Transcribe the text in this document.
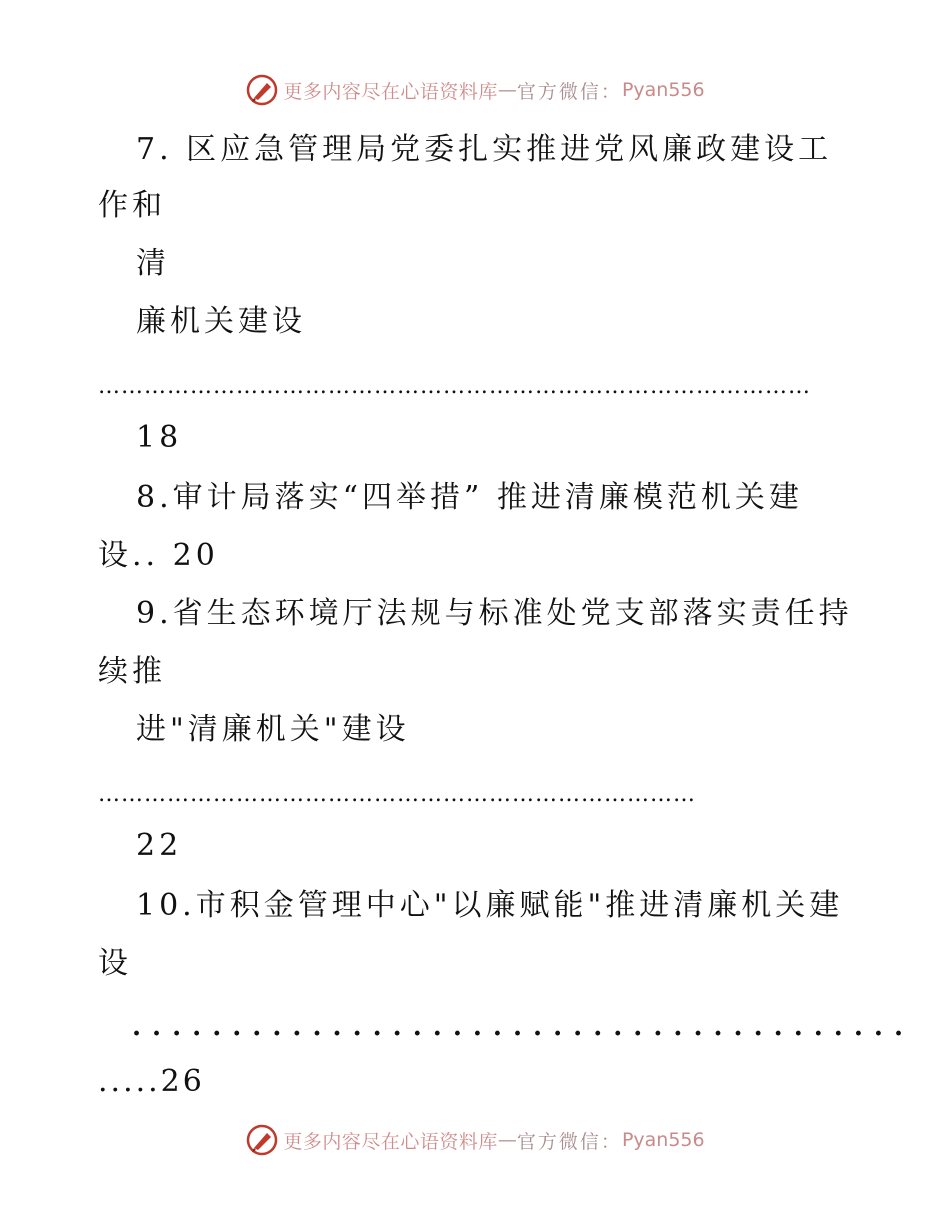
更多内容尽在心语资料库 — 官方微信： Pyan556
7. 区应急管理局党委扎实推进党风廉政建设工
作和
清
廉机关建设
…………………………………………………………………………………
18
8.审计局落实“四举措” 推进清廉模范机关建
设.. 20
9.省生态环境厅法规与标准处党支部落实责任持
续推
进"清廉机关"建设
……………………………………………………………………
22
10.市积金管理中心"以廉赋能"推进清廉机关建
设
.......................................
.....26
更多内容尽在心语资料库 — 官方微信： Pyan556
